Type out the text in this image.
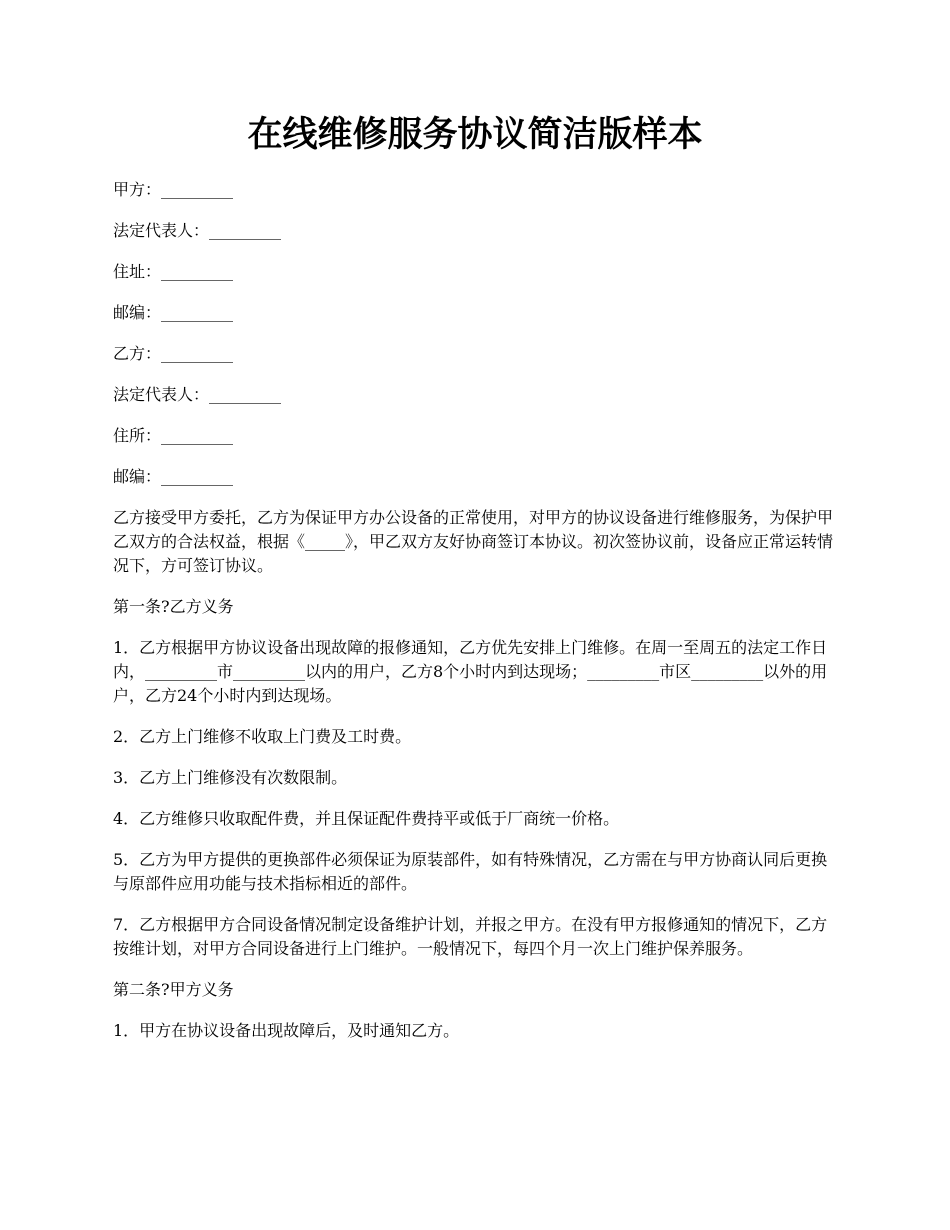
在线维修服务协议简洁版样本

甲方：_________

法定代表人：_________

住址：_________

邮编：_________

乙方：_________

法定代表人：_________

住所：_________

邮编：_________

乙方接受甲方委托，乙方为保证甲方办公设备的正常使用，对甲方的协议设备进行维修服务，为保护甲乙双方的合法权益，根据《_____》，甲乙双方友好协商签订本协议。初次签协议前，设备应正常运转情况下，方可签订协议。

第一条?乙方义务

1．乙方根据甲方协议设备出现故障的报修通知，乙方优先安排上门维修。在周一至周五的法定工作日内，_________市_________以内的用户，乙方8个小时内到达现场；_________市区_________以外的用户，乙方24个小时内到达现场。

2．乙方上门维修不收取上门费及工时费。

3．乙方上门维修没有次数限制。

4．乙方维修只收取配件费，并且保证配件费持平或低于厂商统一价格。

5．乙方为甲方提供的更换部件必须保证为原装部件，如有特殊情况，乙方需在与甲方协商认同后更换与原部件应用功能与技术指标相近的部件。

7．乙方根据甲方合同设备情况制定设备维护计划，并报之甲方。在没有甲方报修通知的情况下，乙方按维计划，对甲方合同设备进行上门维护。一般情况下，每四个月一次上门维护保养服务。

第二条?甲方义务

1．甲方在协议设备出现故障后，及时通知乙方。
